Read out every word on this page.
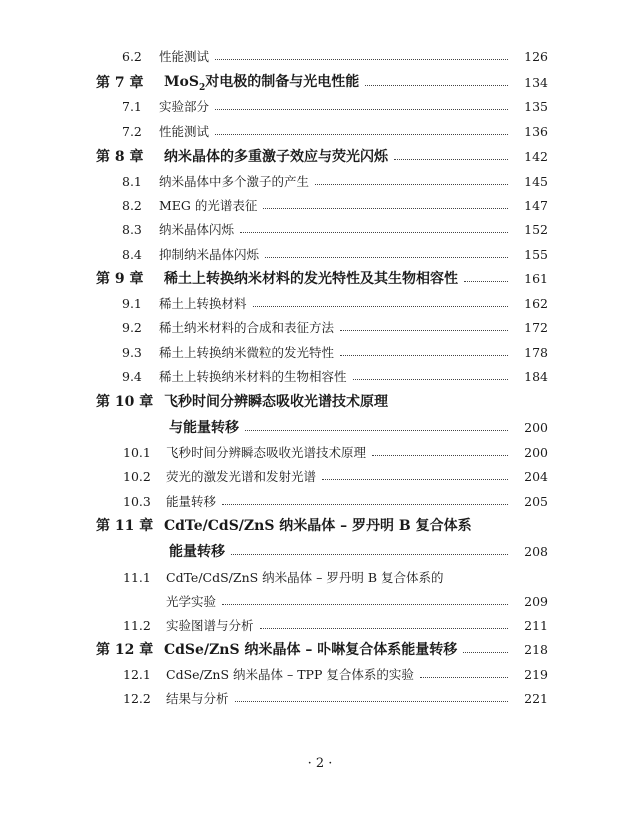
6.2	性能测试	126
第 7 章	MoS$_2$对电极的制备与光电性能	134
7.1	实验部分	135
7.2	性能测试	136
第 8 章	纳米晶体的多重激子效应与荧光闪烁	142
8.1	纳米晶体中多个激子的产生	145
8.2	MEG 的光谱表征	147
8.3	纳米晶体闪烁	152
8.4	抑制纳米晶体闪烁	155
第 9 章	稀土上转换纳米材料的发光特性及其生物相容性	161
9.1	稀土上转换材料	162
9.2	稀土纳米材料的合成和表征方法	172
9.3	稀土上转换纳米微粒的发光特性	178
9.4	稀土上转换纳米材料的生物相容性	184
第 10 章 飞秒时间分辨瞬态吸收光谱技术原理
与能量转移	200
10.1	飞秒时间分辨瞬态吸收光谱技术原理	200
10.2	荧光的激发光谱和发射光谱	204
10.3	能量转移	205
第 11 章 CdTe/CdS/ZnS 纳米晶体 – 罗丹明 B 复合体系
能量转移	208
11.1	CdTe/CdS/ZnS 纳米晶体 – 罗丹明 B 复合体系的
光学实验	209
11.2	实验图谱与分析	211
第 12 章 CdSe/ZnS 纳米晶体 – 卟啉复合体系能量转移	218
12.1	CdSe/ZnS 纳米晶体 – TPP 复合体系的实验	219
12.2	结果与分析	221
· 2 ·
